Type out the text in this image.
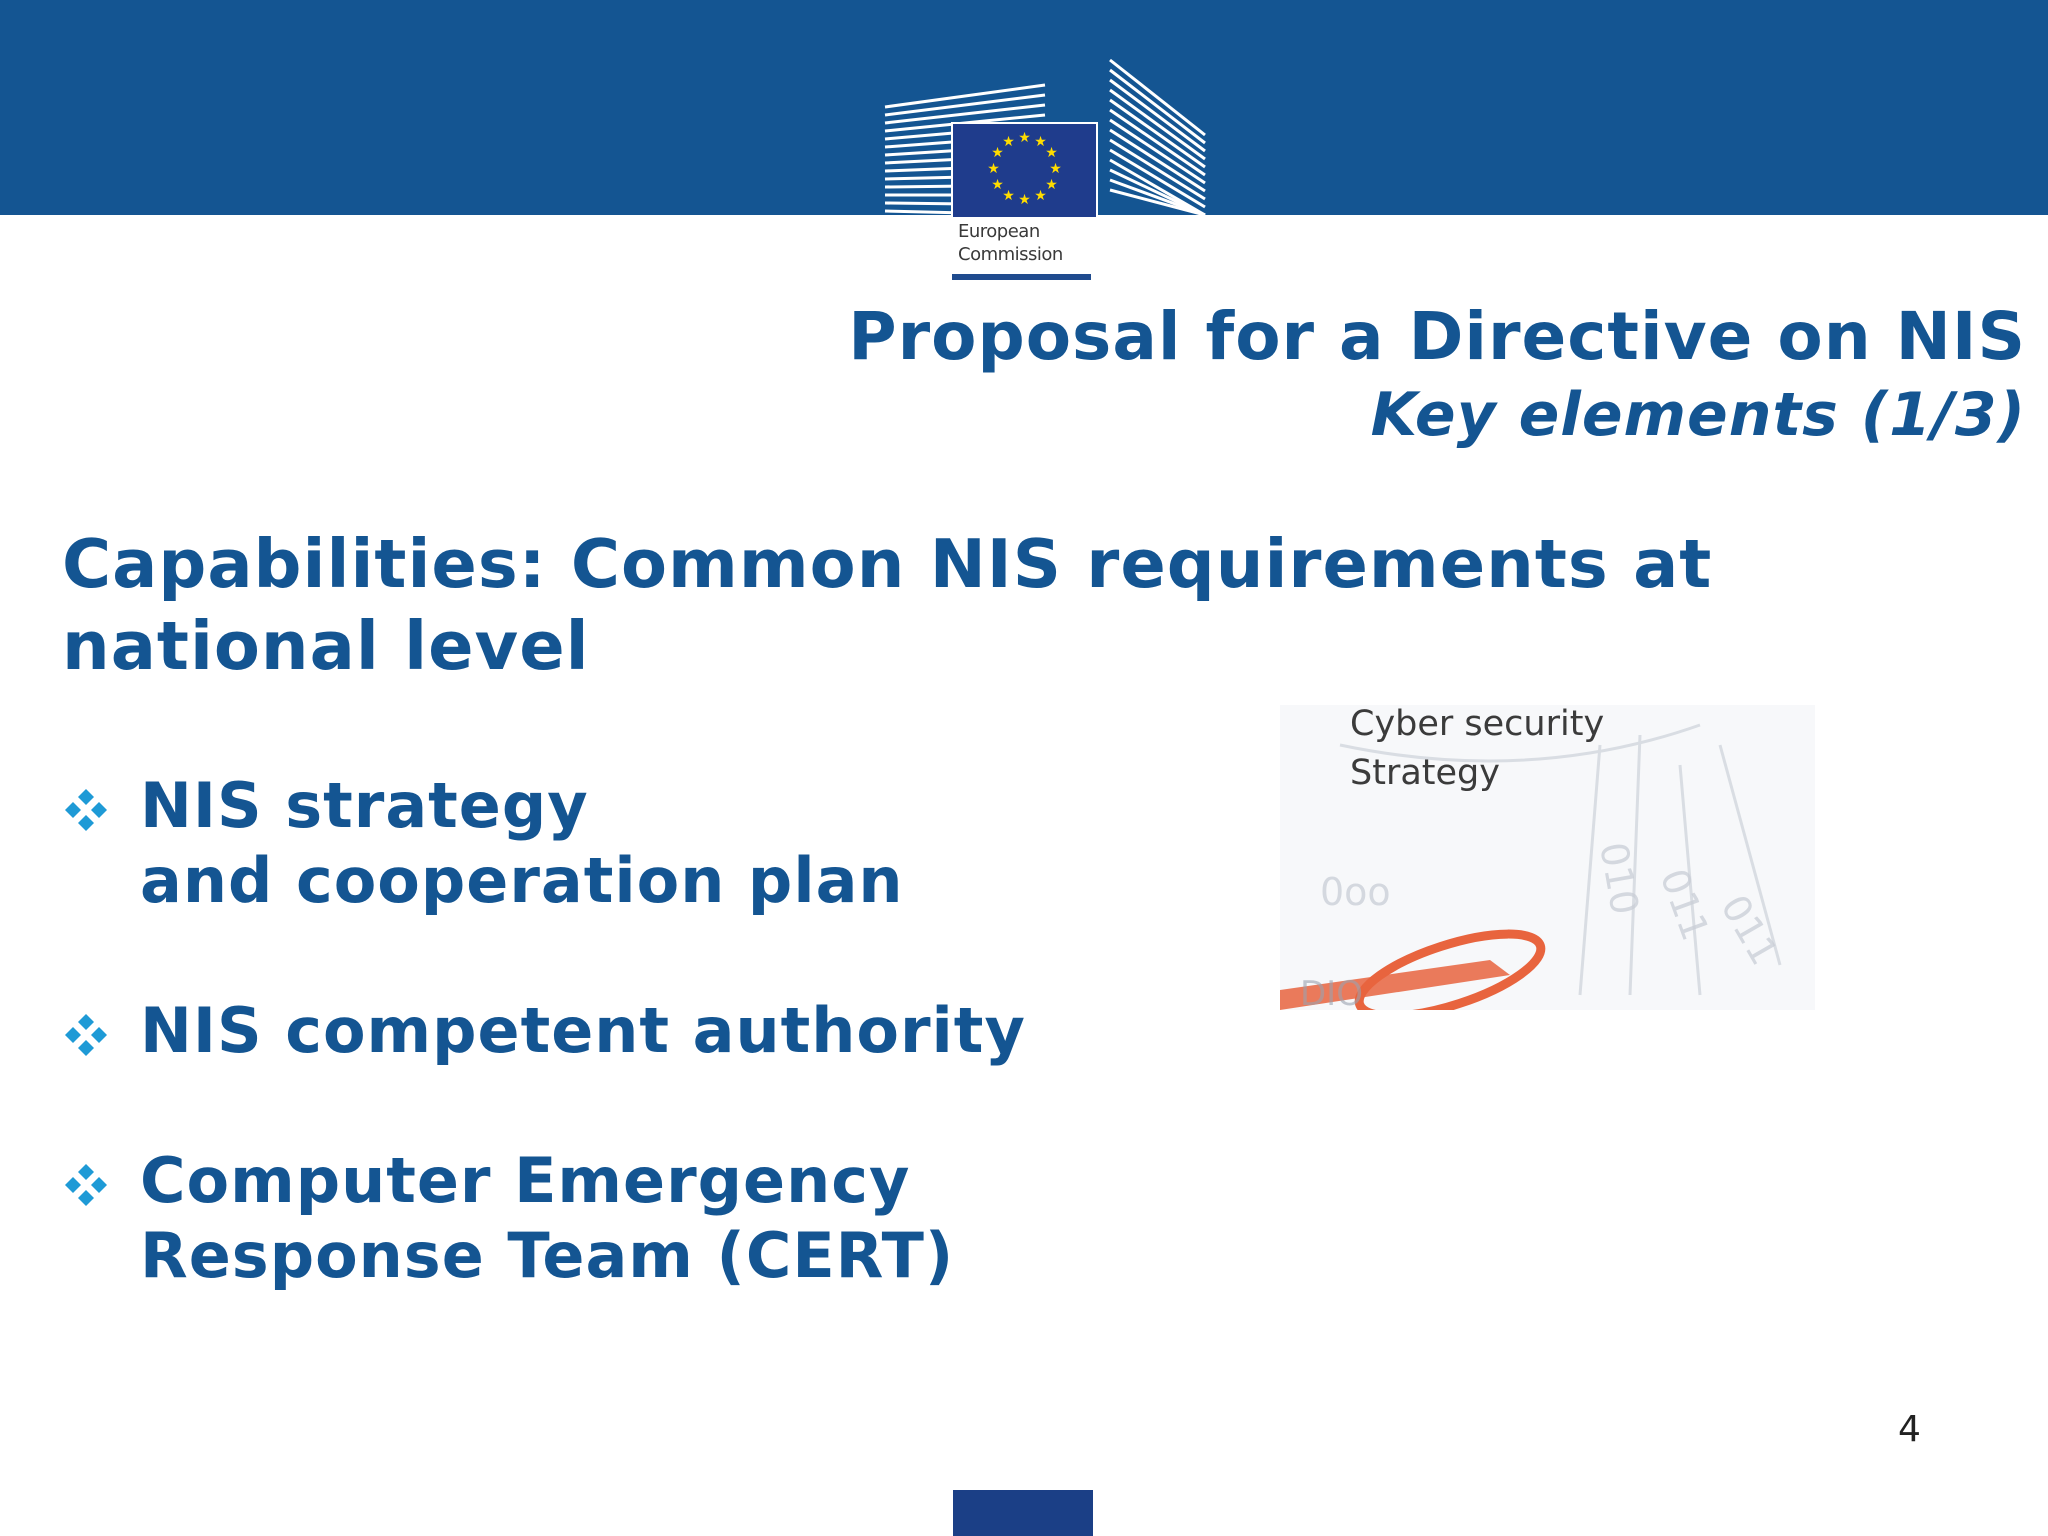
★ ★
★
★
★
★
★
★
★
★
★
★
European
Commission
Proposal for a Directive on NIS
Key elements (1/3)
Capabilities: Common NIS requirements at
national level
NIS strategy
and cooperation plan
NIS competent authority
Computer Emergency
Response Team (CERT)
0oo	010 011
011
DIO
Cyber security
Strategy
4
